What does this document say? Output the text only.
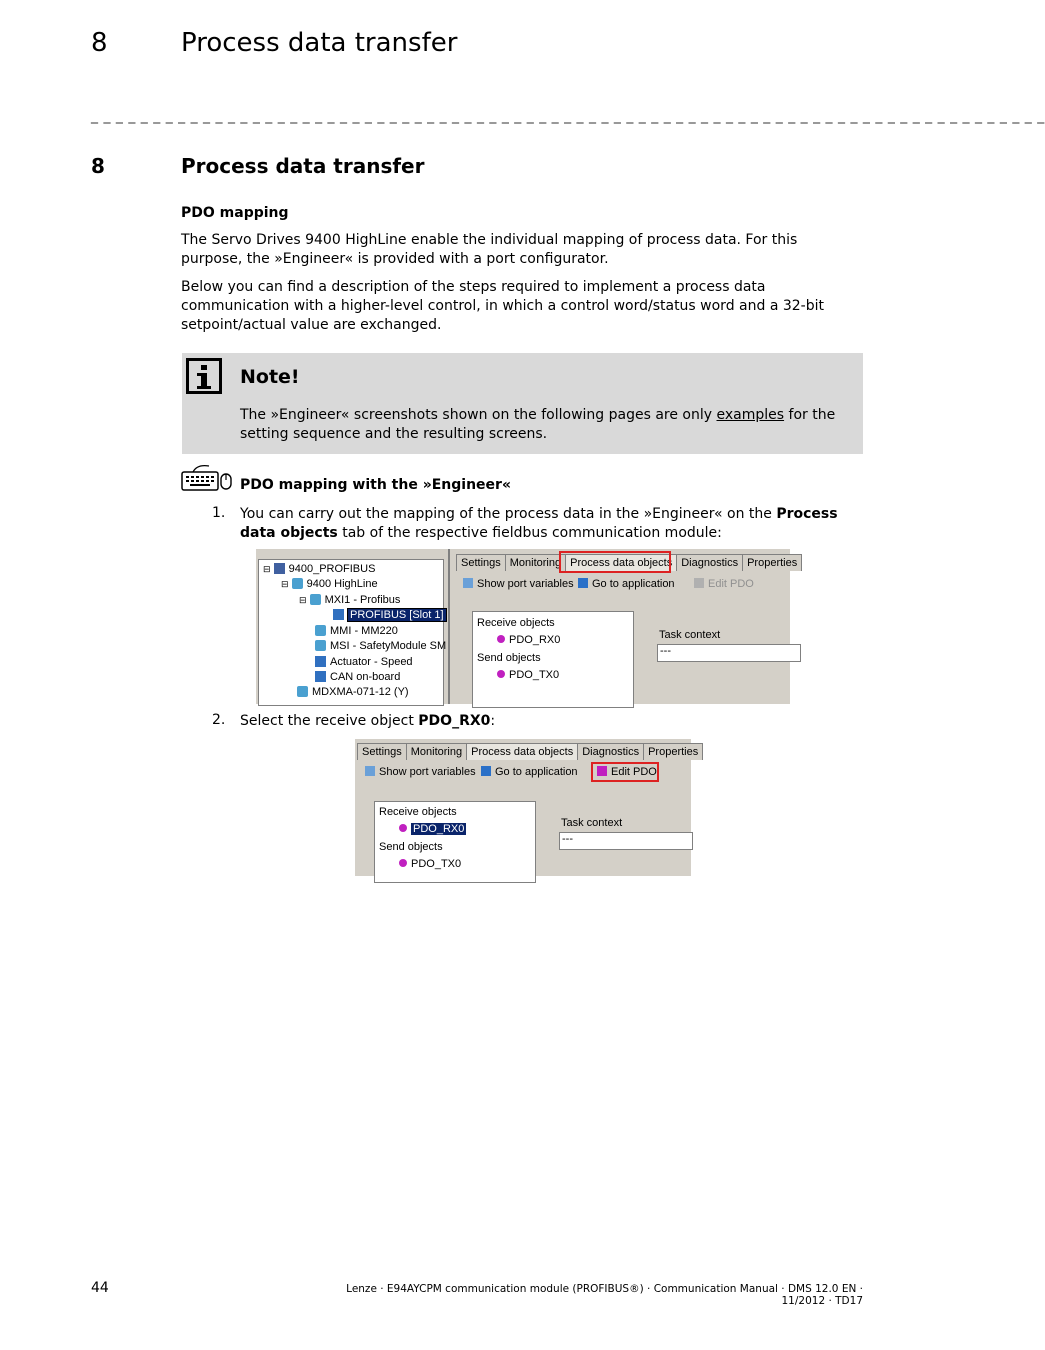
8	Process data transfer
_ _ _ _ _ _ _ _ _ _ _ _ _ _ _ _ _ _ _ _ _ _ _ _ _ _ _ _ _ _ _ _ _ _ _ _ _ _ _ _ _ _ _ _ _ _ _ _ _ _ _ _ _ _ _ _ _ _ _ _ _ _ _ _ _ _ _ _ _ _ _ _ _ _ _ _ _
8	Process data transfer
PDO mapping
The Servo Drives 9400 HighLine enable the individual mapping of process data. For this purpose, the »Engineer« is provided with a port configurator.
Below you can find a description of the steps required to implement a process data communication with a higher-level control, in which a control word/status word and a 32-bit setpoint/actual value are exchanged.
Note!
The »Engineer« screenshots shown on the following pages are only examples for the setting sequence and the resulting screens.
PDO mapping with the »Engineer«
1. You can carry out the mapping of the process data in the »Engineer« on the Process data objects tab of the respective fieldbus communication module:
⊟ 9400_PROFIBUS
⊟ 9400 HighLine
⊟ MXI1 - Profibus
PROFIBUS [Slot 1]
MMI - MM220
MSI - SafetyModule SM
Actuator - Speed
CAN on-board
MDXMA-071-12 (Y)
Settings Monitoring Process data objects Diagnostics Properties
Show port variables	Go to application	Edit PDO
Receive objects
PDO_RX0
Send objects
PDO_TX0
Task context
---
2. Select the receive object PDO_RX0:
Settings Monitoring Process data objects Diagnostics Properties
Show port variables	Go to application	Edit PDO
Receive objects
PDO_RX0
Send objects
PDO_TX0
Task context
---
44	Lenze · E94AYCPM communication module (PROFIBUS®) · Communication Manual · DMS 12.0 EN · 11/2012 · TD17
